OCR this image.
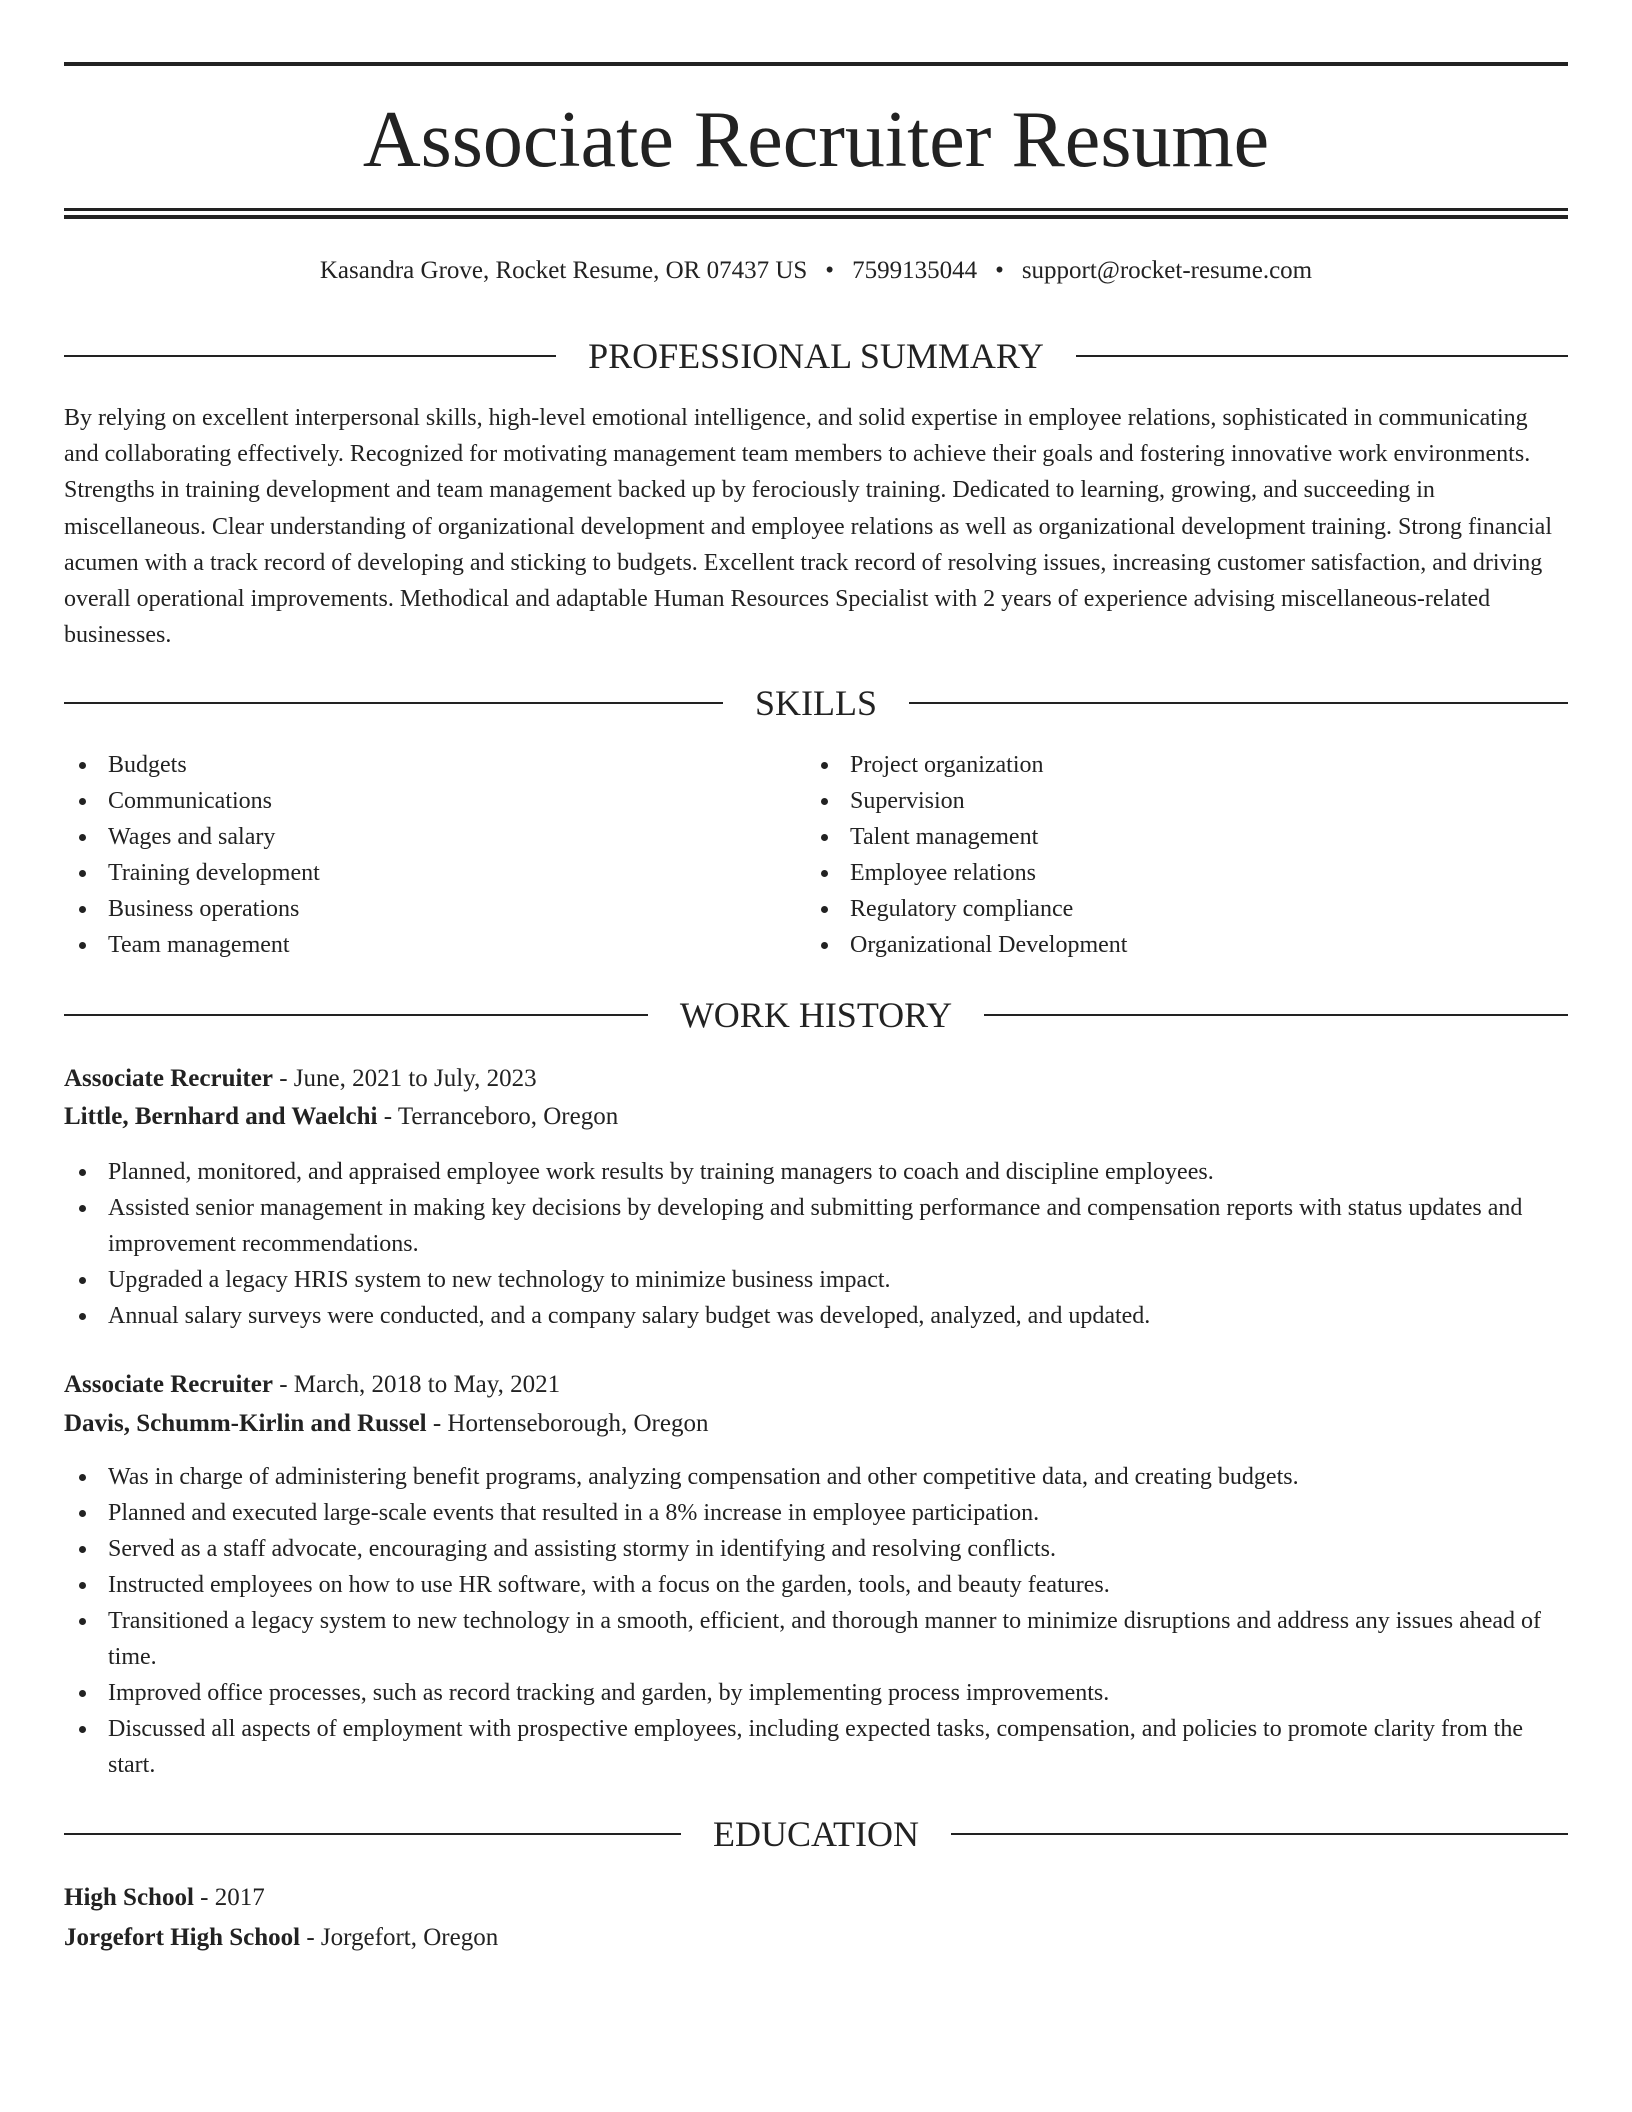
Associate Recruiter Resume
Kasandra Grove, Rocket Resume, OR 07437 US • 7599135044 • support@rocket-resume.com
PROFESSIONAL SUMMARY
By relying on excellent interpersonal skills, high-level emotional intelligence, and solid expertise in employee relations, sophisticated in communicating and collaborating effectively. Recognized for motivating management team members to achieve their goals and fostering innovative work environments. Strengths in training development and team management backed up by ferociously training. Dedicated to learning, growing, and succeeding in miscellaneous. Clear understanding of organizational development and employee relations as well as organizational development training. Strong financial acumen with a track record of developing and sticking to budgets. Excellent track record of resolving issues, increasing customer satisfaction, and driving overall operational improvements. Methodical and adaptable Human Resources Specialist with 2 years of experience advising miscellaneous-related businesses.
SKILLS
Budgets
Communications
Wages and salary
Training development
Business operations
Team management
Project organization
Supervision
Talent management
Employee relations
Regulatory compliance
Organizational Development
WORK HISTORY
Associate Recruiter - June, 2021 to July, 2023
Little, Bernhard and Waelchi - Terranceboro, Oregon
Planned, monitored, and appraised employee work results by training managers to coach and discipline employees.
Assisted senior management in making key decisions by developing and submitting performance and compensation reports with status updates and improvement recommendations.
Upgraded a legacy HRIS system to new technology to minimize business impact.
Annual salary surveys were conducted, and a company salary budget was developed, analyzed, and updated.
Associate Recruiter - March, 2018 to May, 2021
Davis, Schumm-Kirlin and Russel - Hortenseborough, Oregon
Was in charge of administering benefit programs, analyzing compensation and other competitive data, and creating budgets.
Planned and executed large-scale events that resulted in a 8% increase in employee participation.
Served as a staff advocate, encouraging and assisting stormy in identifying and resolving conflicts.
Instructed employees on how to use HR software, with a focus on the garden, tools, and beauty features.
Transitioned a legacy system to new technology in a smooth, efficient, and thorough manner to minimize disruptions and address any issues ahead of time.
Improved office processes, such as record tracking and garden, by implementing process improvements.
Discussed all aspects of employment with prospective employees, including expected tasks, compensation, and policies to promote clarity from the start.
EDUCATION
High School - 2017
Jorgefort High School - Jorgefort, Oregon
